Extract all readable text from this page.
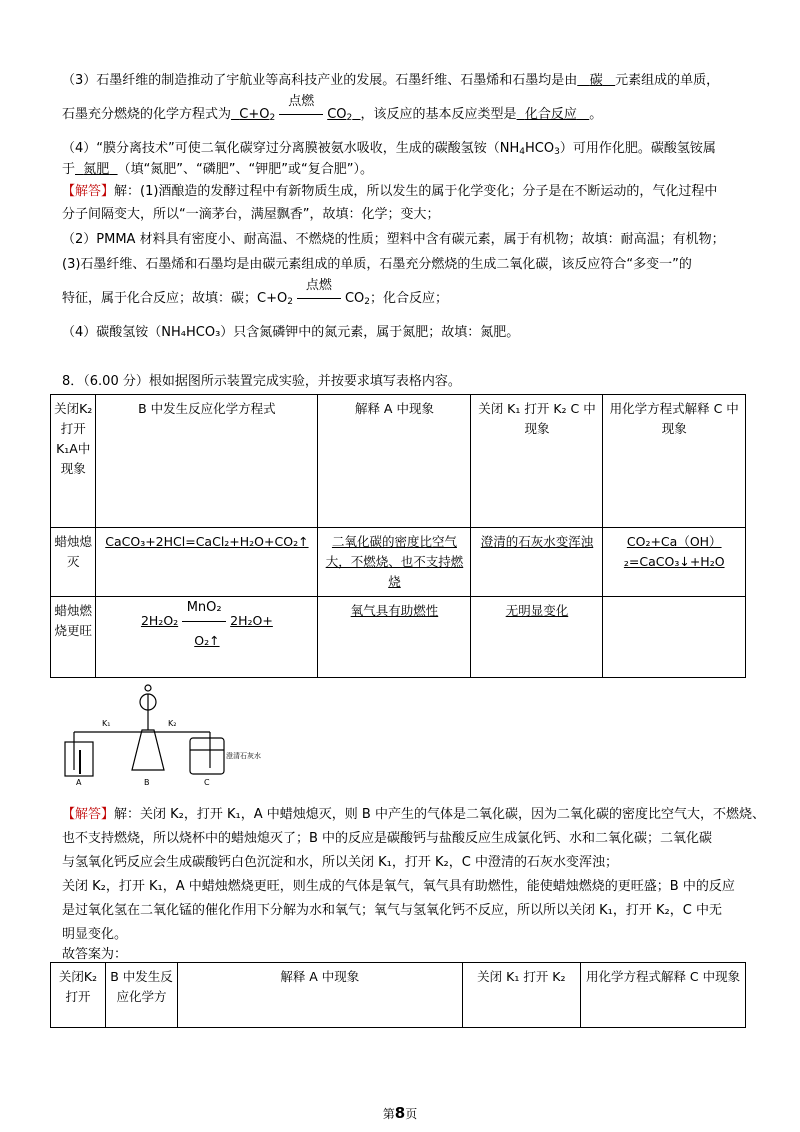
（3）石墨纤维的制造推动了宇航业等高科技产业的发展。石墨纤维、石墨烯和石墨均是由 碳 元素组成的单质，
石墨充分燃烧的化学方程式为 $C+O_2$
点燃
$CO_2$ ，该反应的基本反应类型是 化合反应 。
（4）“膜分离技术”可使二氧化碳穿过分离膜被氨水吸收，生成的碳酸氢铵$(NH_4HCO_3)$可用作化肥。碳酸氢铵属
于 氮肥 （填“氮肥”、“磷肥”、“钾肥”或“复合肥”）。
【解答】解：(1)酒酿造的发酵过程中有新物质生成，所以发生的属于化学变化；分子是在不断运动的，气化过程中
分子间隔变大，所以“一滴茅台，满屋飘香”，故填：化学；变大；
（2）PMMA 材料具有密度小、耐高温、不燃烧的性质；塑料中含有碳元素，属于有机物；故填：耐高温；有机物；
(3)石墨纤维、石墨烯和石墨均是由碳元素组成的单质，石墨充分燃烧的生成二氧化碳，该反应符合“多变一”的
特征，属于化合反应；故填：碳；$C+O_2$
点燃
$CO_2$；化合反应；
（4）碳酸氢铵（NH₄HCO₃）只含氮磷钾中的氮元素，属于氮肥；故填：氮肥。
8．（6.00 分）根如据图所示装置完成实验，并按要求填写表格内容。
关闭K₂打开K₁A中现象	B 中发生反应化学方程式	解释 A 中现象	关闭 K₁ 打开 K₂ C 中现象	用化学方程式解释 C 中现象
蜡烛熄灭	CaCO₃+2HCl=CaCl₂+H₂O+CO₂↑	二氧化碳的密度比空气大，不燃烧、也不支持燃烧	澄清的石灰水变浑浊	CO₂+Ca（OH）₂=CaCO₃↓+H₂O
蜡烛燃烧更旺	2H₂O₂
MnO₂
2H₂O+
O₂↑	氧气具有助燃性	无明显变化	
K₁	K₂
A	B	C
澄清石灰水
【解答】解：关闭 K₂，打开 K₁，A 中蜡烛熄灭，则 B 中产生的气体是二氧化碳，因为二氧化碳的密度比空气大，不燃烧、
也不支持燃烧，所以烧杯中的蜡烛熄灭了；B 中的反应是碳酸钙与盐酸反应生成氯化钙、水和二氧化碳；二氧化碳
与氢氧化钙反应会生成碳酸钙白色沉淀和水，所以关闭 K₁，打开 K₂，C 中澄清的石灰水变浑浊；
关闭 K₂，打开 K₁，A 中蜡烛燃烧更旺，则生成的气体是氧气，氧气具有助燃性，能使蜡烛燃烧的更旺盛；B 中的反应
是过氧化氢在二氧化锰的催化作用下分解为水和氧气；氧气与氢氧化钙不反应，所以所以关闭 K₁，打开 K₂，C 中无
明显变化。
故答案为：
关闭K₂打开	B 中发生反应化学方	解释 A 中现象	关闭 K₁ 打开 K₂	用化学方程式解释 C 中现象
第8页
